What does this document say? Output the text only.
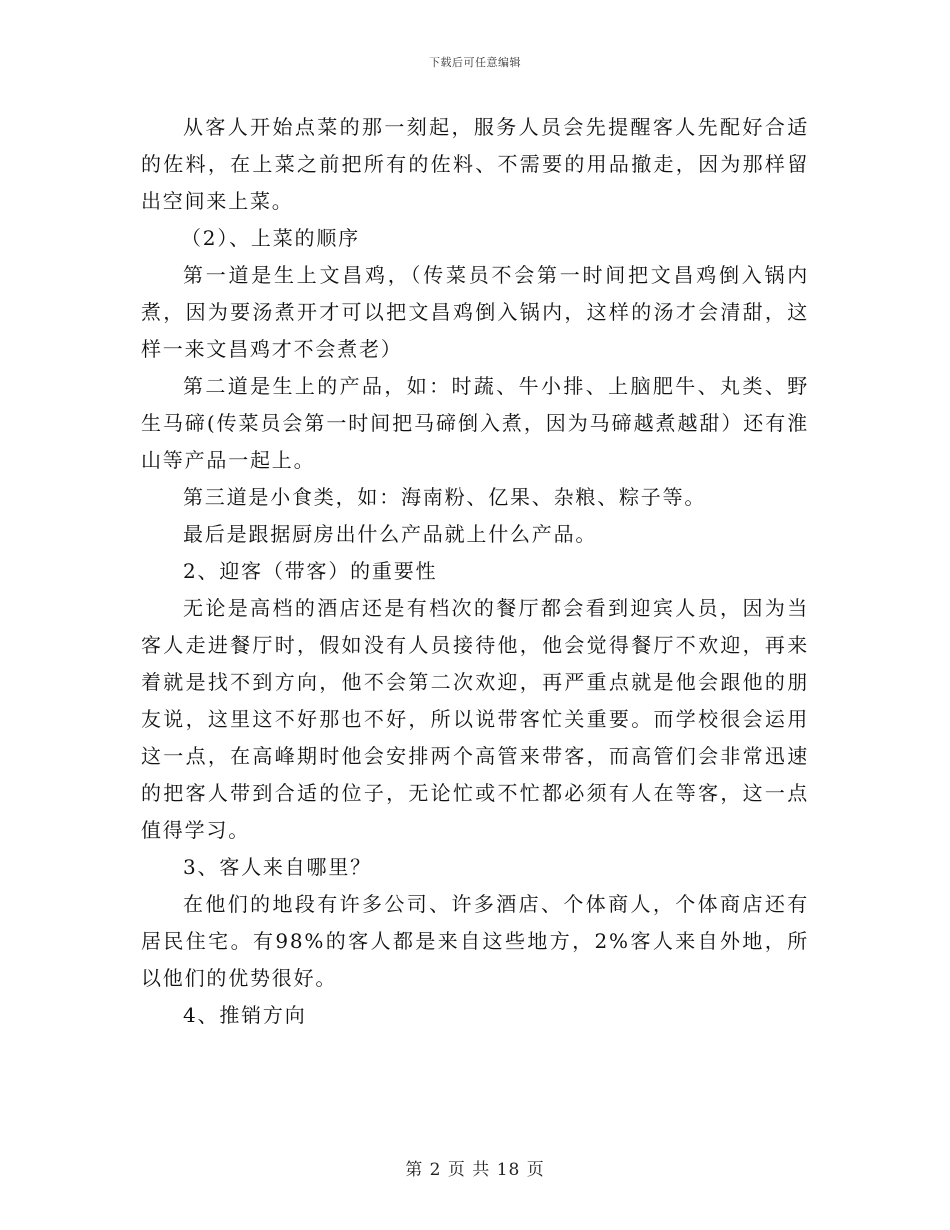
下载后可任意编辑

从客人开始点菜的那一刻起，服务人员会先提醒客人先配好合适的佐料，在上菜之前把所有的佐料、不需要的用品撤走，因为那样留出空间来上菜。

（2）、上菜的顺序

第一道是生上文昌鸡，（传菜员不会第一时间把文昌鸡倒入锅内煮，因为要汤煮开才可以把文昌鸡倒入锅内，这样的汤才会清甜，这样一来文昌鸡才不会煮老）

第二道是生上的产品，如：时蔬、牛小排、上脑肥牛、丸类、野生马碲(传菜员会第一时间把马碲倒入煮，因为马碲越煮越甜）还有淮山等产品一起上。

第三道是小食类，如：海南粉、亿果、杂粮、粽子等。

最后是跟据厨房出什么产品就上什么产品。

2、迎客（带客）的重要性

无论是高档的酒店还是有档次的餐厅都会看到迎宾人员，因为当客人走进餐厅时，假如没有人员接待他，他会觉得餐厅不欢迎，再来着就是找不到方向，他不会第二次欢迎，再严重点就是他会跟他的朋友说，这里这不好那也不好，所以说带客忙关重要。而学校很会运用这一点，在高峰期时他会安排两个高管来带客，而高管们会非常迅速的把客人带到合适的位子，无论忙或不忙都必须有人在等客，这一点值得学习。

3、客人来自哪里？

在他们的地段有许多公司、许多酒店、个体商人，个体商店还有居民住宅。有98%的客人都是来自这些地方，2%客人来自外地，所以他们的优势很好。

4、推销方向

第 2 页 共 18 页
